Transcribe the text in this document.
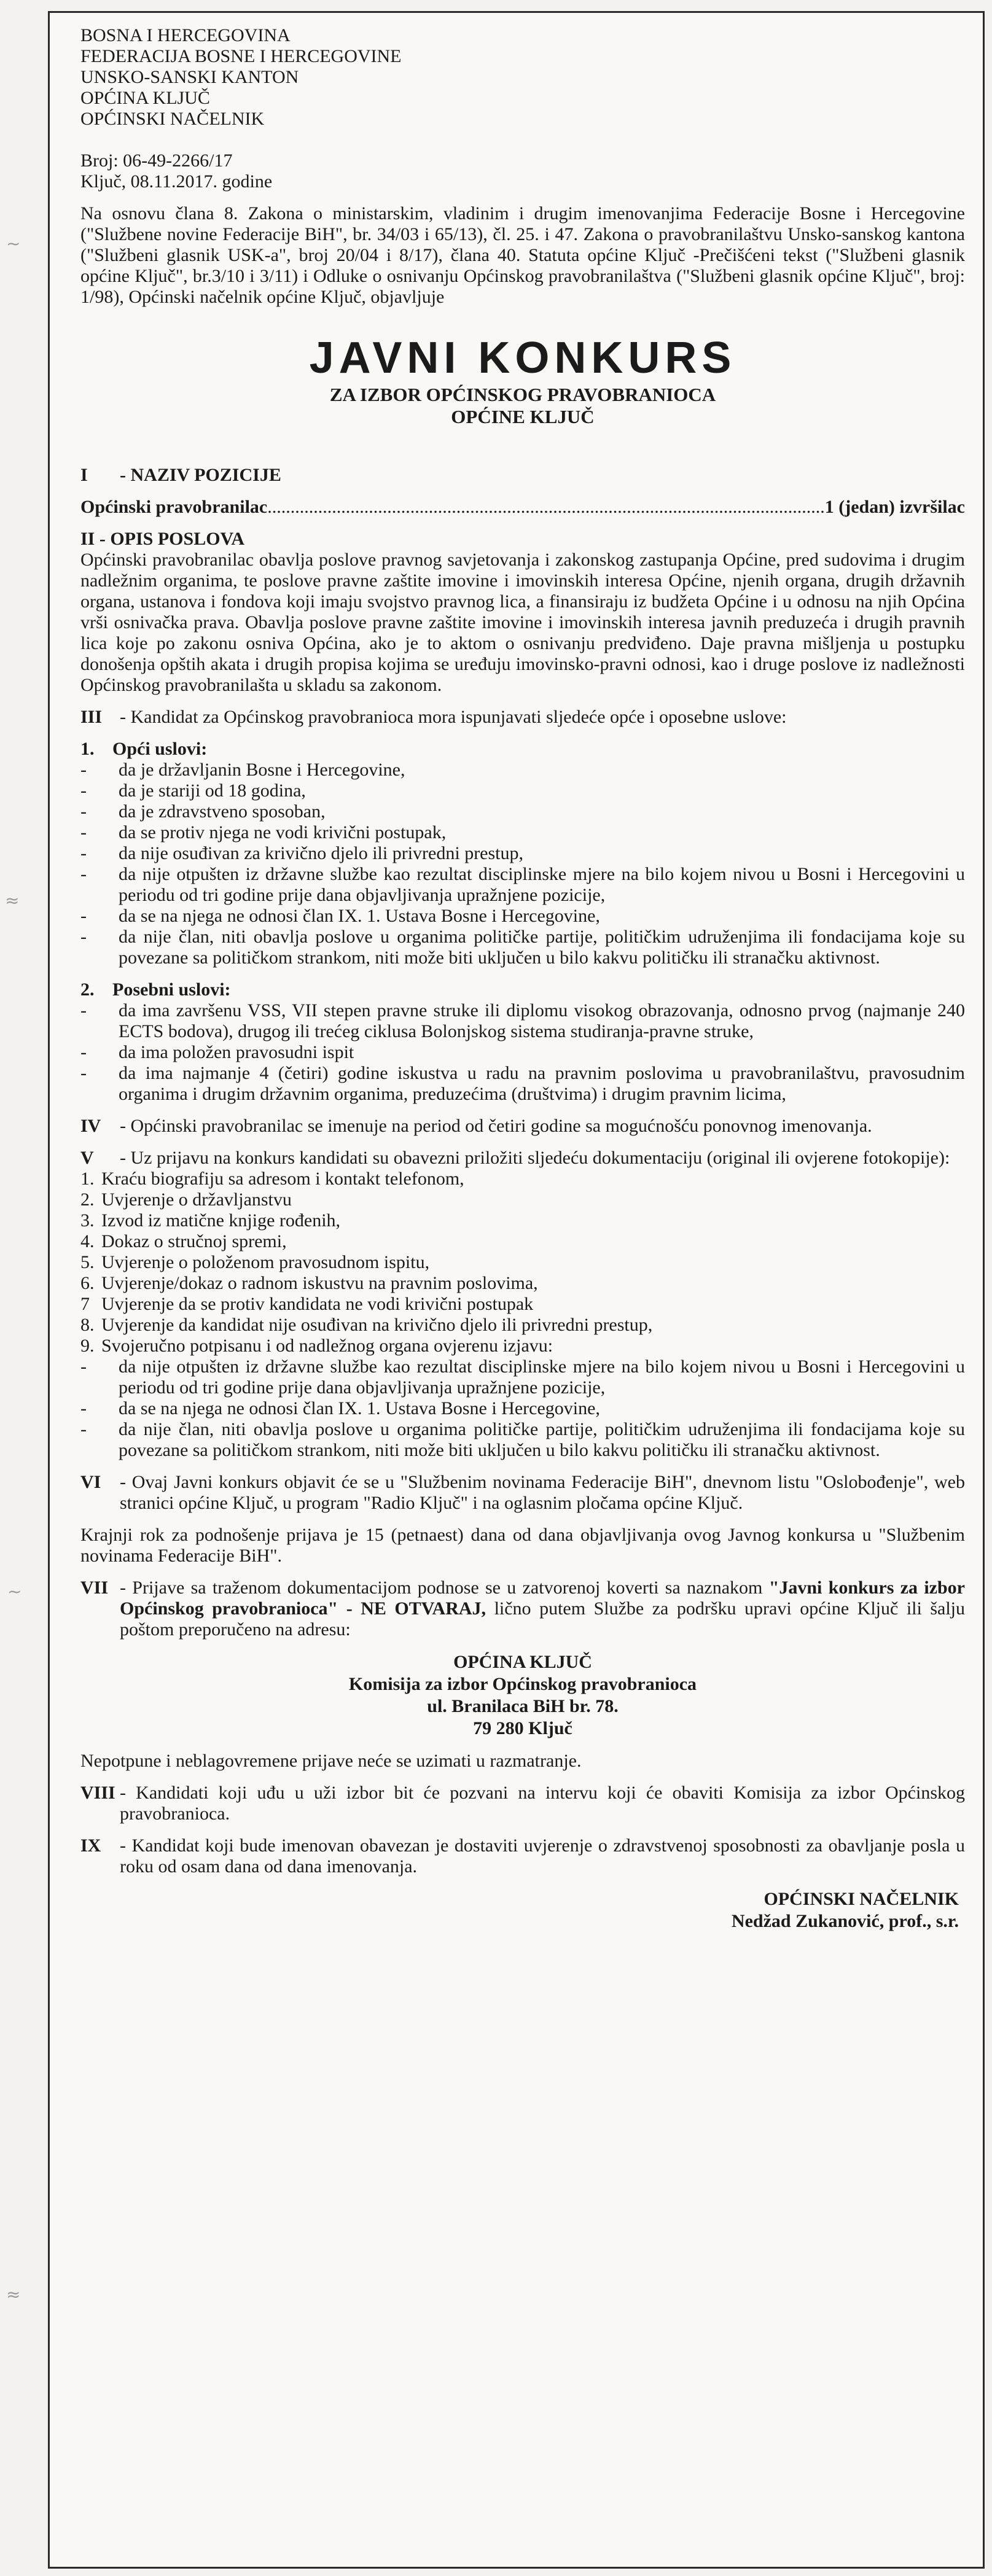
BOSNA I HERCEGOVINA
FEDERACIJA BOSNE I HERCEGOVINE
UNSKO-SANSKI KANTON
OPĆINA KLJUČ
OPĆINSKI NAČELNIK
Broj: 06-49-2266/17
Ključ, 08.11.2017. godine

Na osnovu člana 8. Zakona o ministarskim, vladinim i drugim imenovanjima Federacije Bosne i Hercegovine ("Službene novine Federacije BiH", br. 34/03 i 65/13), čl. 25. i 47. Zakona o pravobranilaštvu Unsko-sanskog kantona ("Službeni glasnik USK-a", broj 20/04 i 8/17), člana 40. Statuta općine Ključ -Prečišćeni tekst ("Službeni glasnik općine Ključ", br.3/10 i 3/11) i Odluke o osnivanju Općinskog pravobranilaštva ("Službeni glasnik općine Ključ", broj: 1/98), Općinski načelnik općine Ključ, objavljuje

JAVNI KONKURS
ZA IZBOR OPĆINSKOG PRAVOBRANIOCA
OPĆINE KLJUČ
I	- NAZIV POZICIJE
Općinski pravobranilac
.....	1 (jedan) izvršilac
II - OPIS POSLOVA

Općinski pravobranilac obavlja poslove pravnog savjetovanja i zakonskog zastupanja Općine, pred sudovima i drugim nadležnim organima, te poslove pravne zaštite imovine i imovinskih interesa Općine, njenih organa, drugih državnih organa, ustanova i fondova koji imaju svojstvo pravnog lica, a finansiraju iz budžeta Općine i u odnosu na njih Općina vrši osnivačka prava. Obavlja poslove pravne zaštite imovine i imovinskih interesa javnih preduzeća i drugih pravnih lica koje po zakonu osniva Općina, ako je to aktom o osnivanju predviđeno. Daje pravna mišljenja u postupku donošenja opštih akata i drugih propisa kojima se uređuju imovinsko-pravni odnosi, kao i druge poslove iz nadležnosti Općinskog pravobranilašta u skladu sa zakonom.

III - Kandidat za Općinskog pravobranioca mora ispunjavati sljedeće opće i oposebne uslove:
1. Opći uslovi:
-	da je državljanin Bosne i Hercegovine,
-	da je stariji od 18 godina,
-	da je zdravstveno sposoban,
-	da se protiv njega ne vodi krivični postupak,
-	da nije osuđivan za krivično djelo ili privredni prestup,
-	da nije otpušten iz državne službe kao rezultat disciplinske mjere na bilo kojem nivou u Bosni i Hercegovini u periodu od tri godine prije dana objavljivanja upražnjene pozicije,
-	da se na njega ne odnosi član IX. 1. Ustava Bosne i Hercegovine,
-	da nije član, niti obavlja poslove u organima političke partije, političkim udruženjima ili fondacijama koje su povezane sa političkom strankom, niti može biti uključen u bilo kakvu političku ili stranačku aktivnost.
2. Posebni uslovi:
-	da ima završenu VSS, VII stepen pravne struke ili diplomu visokog obrazovanja, odnosno prvog (najmanje 240 ECTS bodova), drugog ili trećeg ciklusa Bolonjskog sistema studiranja-pravne struke,
-	da ima položen pravosudni ispit
-	da ima najmanje 4 (četiri) godine iskustva u radu na pravnim poslovima u pravobranilaštvu, pravosudnim organima i drugim državnim organima, preduzećima (društvima) i drugim pravnim licima,
IV	- Općinski pravobranilac se imenuje na period od četiri godine sa mogućnošću ponovnog imenovanja.

V	- Uz prijavu na konkurs kandidati su obavezni priložiti sljedeću dokumentaciju (original ili ovjerene fotokopije):

1. Kraću biografiju sa adresom i kontakt telefonom,
2. Uvjerenje o državljanstvu
3. Izvod iz matične knjige rođenih,
4. Dokaz o stručnoj spremi,
5. Uvjerenje o položenom pravosudnom ispitu,
6. Uvjerenje/dokaz o radnom iskustvu na pravnim poslovima,
7 Uvjerenje da se protiv kandidata ne vodi krivični postupak
8. Uvjerenje da kandidat nije osuđivan na krivično djelo ili privredni prestup,
9. Svojeručno potpisanu i od nadležnog organa ovjerenu izjavu:
-	da nije otpušten iz državne službe kao rezultat disciplinske mjere na bilo kojem nivou u Bosni i Hercegovini u periodu od tri godine prije dana objavljivanja upražnjene pozicije,
-	da se na njega ne odnosi član IX. 1. Ustava Bosne i Hercegovine,
-	da nije član, niti obavlja poslove u organima političke partije, političkim udruženjima ili fondacijama koje su povezane sa političkom strankom, niti može biti uključen u bilo kakvu političku ili stranačku aktivnost.
VI	- Ovaj Javni konkurs objavit će se u "Službenim novinama Federacije BiH", dnevnom listu "Oslobođenje", web stranici općine Ključ, u program "Radio Ključ" i na oglasnim pločama općine Ključ.

Krajnji rok za podnošenje prijava je 15 (petnaest) dana od dana objavljivanja ovog Javnog konkursa u "Službenim novinama Federacije BiH".

VII - Prijave sa traženom dokumentacijom podnose se u zatvorenoj koverti sa naznakom "Javni konkurs za izbor Općinskog pravobranioca" - NE OTVARAJ, lično putem Službe za podršku upravi općine Ključ ili šalju poštom preporučeno na adresu:

OPĆINA KLJUČ
Komisija za izbor Općinskog pravobranioca
ul. Branilaca BiH br. 78.
79 280 Ključ

Nepotpune i neblagovremene prijave neće se uzimati u razmatranje.

VIII - Kandidati koji uđu u uži izbor bit će pozvani na intervu koji će obaviti Komisija za izbor Općinskog pravobranioca.

IX	- Kandidat koji bude imenovan obavezan je dostaviti uvjerenje o zdravstvenoj sposobnosti za obavljanje posla u roku od osam dana od dana imenovanja.

OPĆINSKI NAČELNIK
Nedžad Zukanović, prof., s.r.
~
≈
~
≈
